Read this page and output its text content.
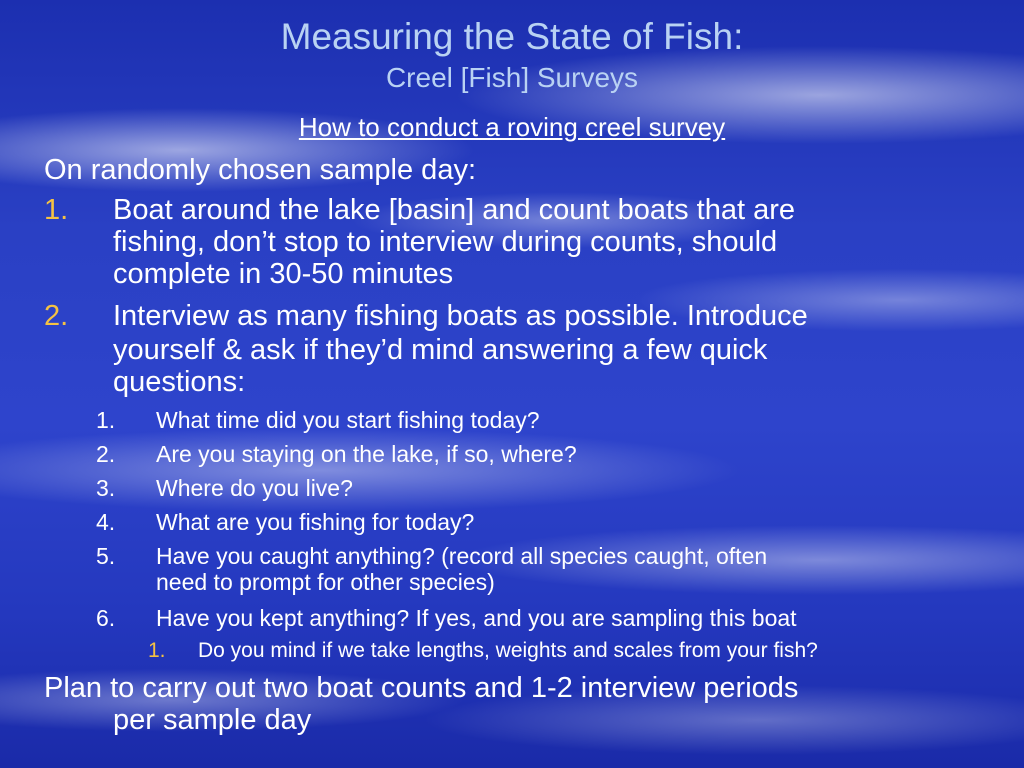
Measuring the State of Fish:
Creel [Fish] Surveys
How to conduct a roving creel survey
On randomly chosen sample day:
1. Boat around the lake [basin] and count boats that are
fishing, don’t stop to interview during counts, should
complete in 30-50 minutes
2. Interview as many fishing boats as possible. Introduce
yourself & ask if they’d mind answering a few quick
questions:
1. What time did you start fishing today?
2. Are you staying on the lake, if so, where?
3. Where do you live?
4. What are you fishing for today?
5. Have you caught anything? (record all species caught, often
need to prompt for other species)
6. Have you kept anything? If yes, and you are sampling this boat
1. Do you mind if we take lengths, weights and scales from your fish?
Plan to carry out two boat counts and 1-2 interview periods
per sample day
